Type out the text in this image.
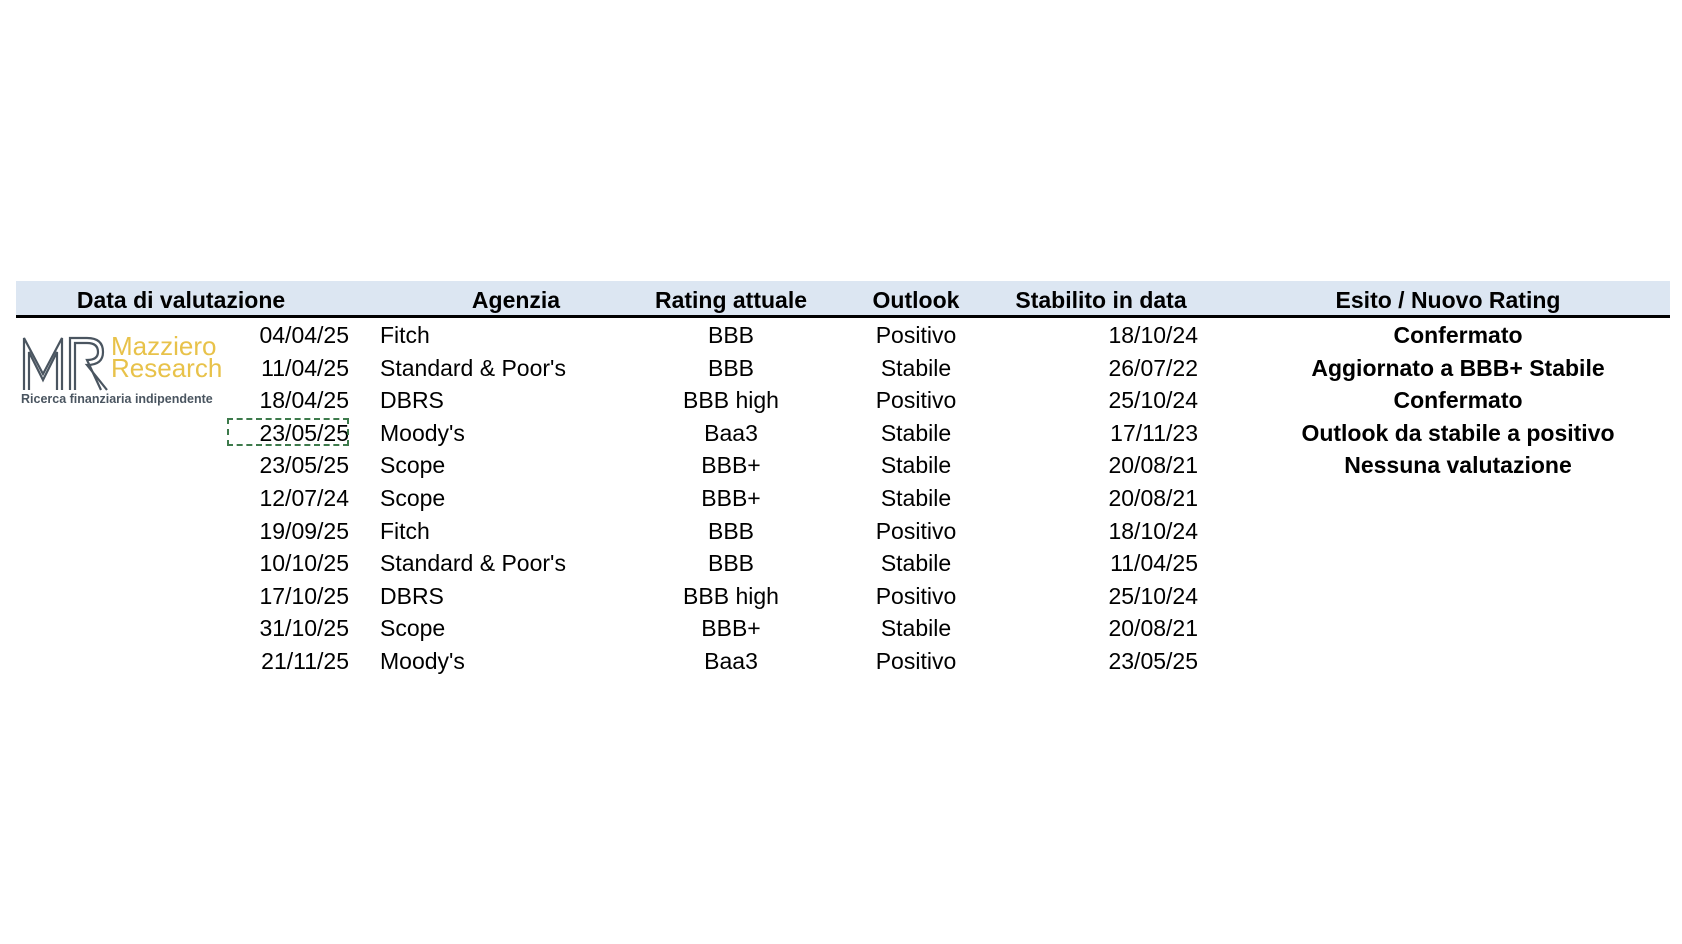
Data di valutazione	Agenzia	Rating attuale	Outlook	Stabilito in data	Esito / Nuovo Rating
04/04/25 Fitch	BBB	Positivo	18/10/24	Confermato
11/04/25 Standard & Poor's	BBB	Stabile	26/07/22	Aggiornato a BBB+ Stabile
18/04/25 DBRS	BBB high	Positivo	25/10/24	Confermato
23/05/25 Moody's	Baa3	Stabile	17/11/23	Outlook da stabile a positivo
23/05/25 Scope	BBB+	Stabile	20/08/21	Nessuna valutazione
12/07/24 Scope	BBB+	Stabile	20/08/21
19/09/25 Fitch	BBB	Positivo	18/10/24
10/10/25 Standard & Poor's	BBB	Stabile	11/04/25
17/10/25 DBRS	BBB high	Positivo	25/10/24
31/10/25 Scope	BBB+	Stabile	20/08/21
21/11/25 Moody's	Baa3	Positivo	23/05/25
Mazziero
Research
Ricerca finanziaria indipendente
